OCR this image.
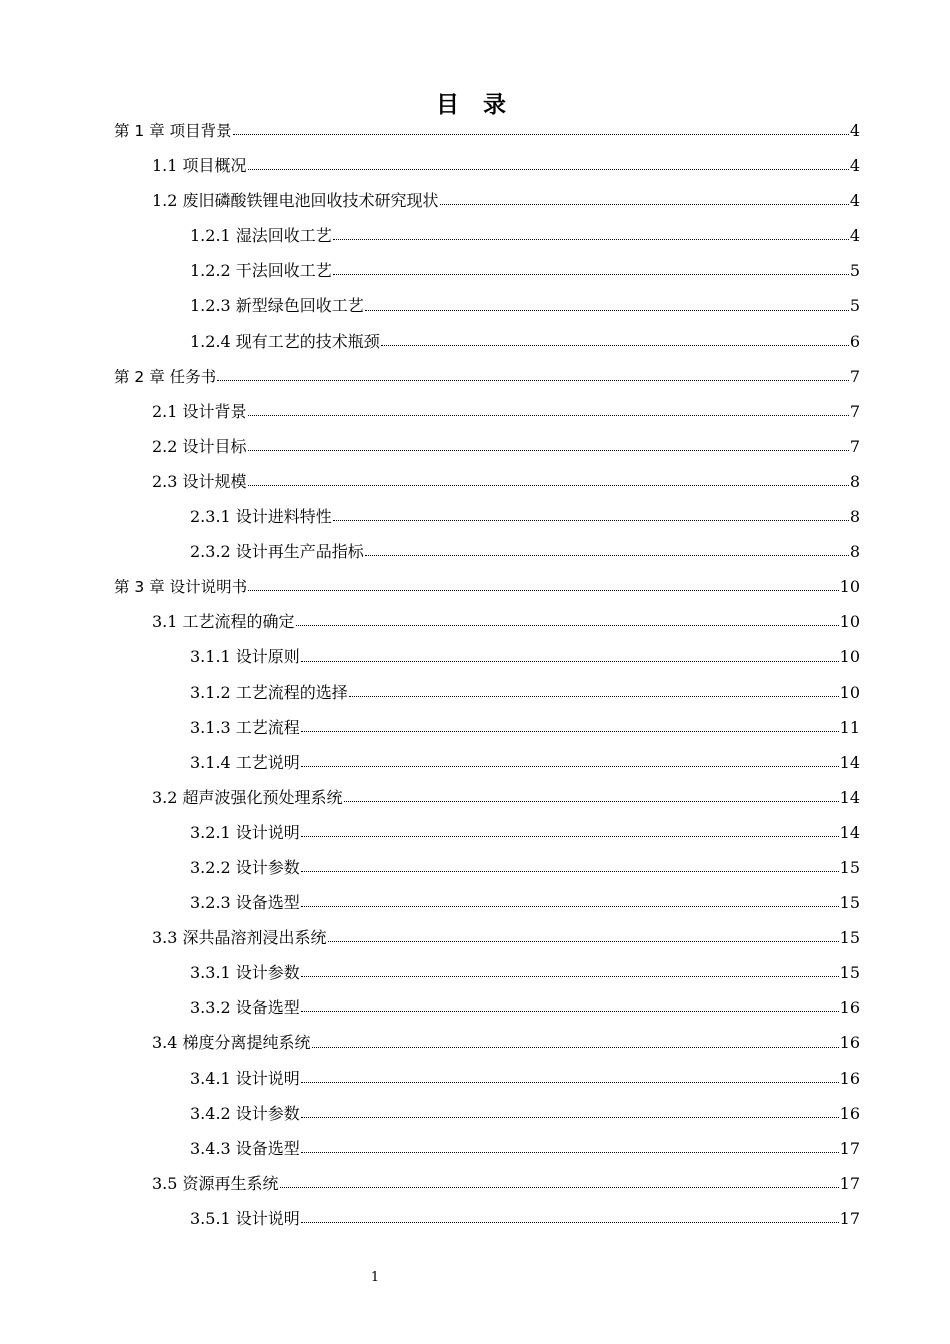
目 录
第 1 章 项目背景	4
1.1 项目概况	4
1.2 废旧磷酸铁锂电池回收技术研究现状	4
1.2.1 湿法回收工艺	4
1.2.2 干法回收工艺	5
1.2.3 新型绿色回收工艺	5
1.2.4 现有工艺的技术瓶颈	6
第 2 章 任务书	7
2.1 设计背景	7
2.2 设计目标	7
2.3 设计规模	8
2.3.1 设计进料特性	8
2.3.2 设计再生产品指标	8
第 3 章 设计说明书	10
3.1 工艺流程的确定	10
3.1.1 设计原则	10
3.1.2 工艺流程的选择	10
3.1.3 工艺流程	11
3.1.4 工艺说明	14
3.2 超声波强化预处理系统	14
3.2.1 设计说明	14
3.2.2 设计参数	15
3.2.3 设备选型	15
3.3 深共晶溶剂浸出系统	15
3.3.1 设计参数	15
3.3.2 设备选型	16
3.4 梯度分离提纯系统	16
3.4.1 设计说明	16
3.4.2 设计参数	16
3.4.3 设备选型	17
3.5 资源再生系统	17
3.5.1 设计说明	17
1
